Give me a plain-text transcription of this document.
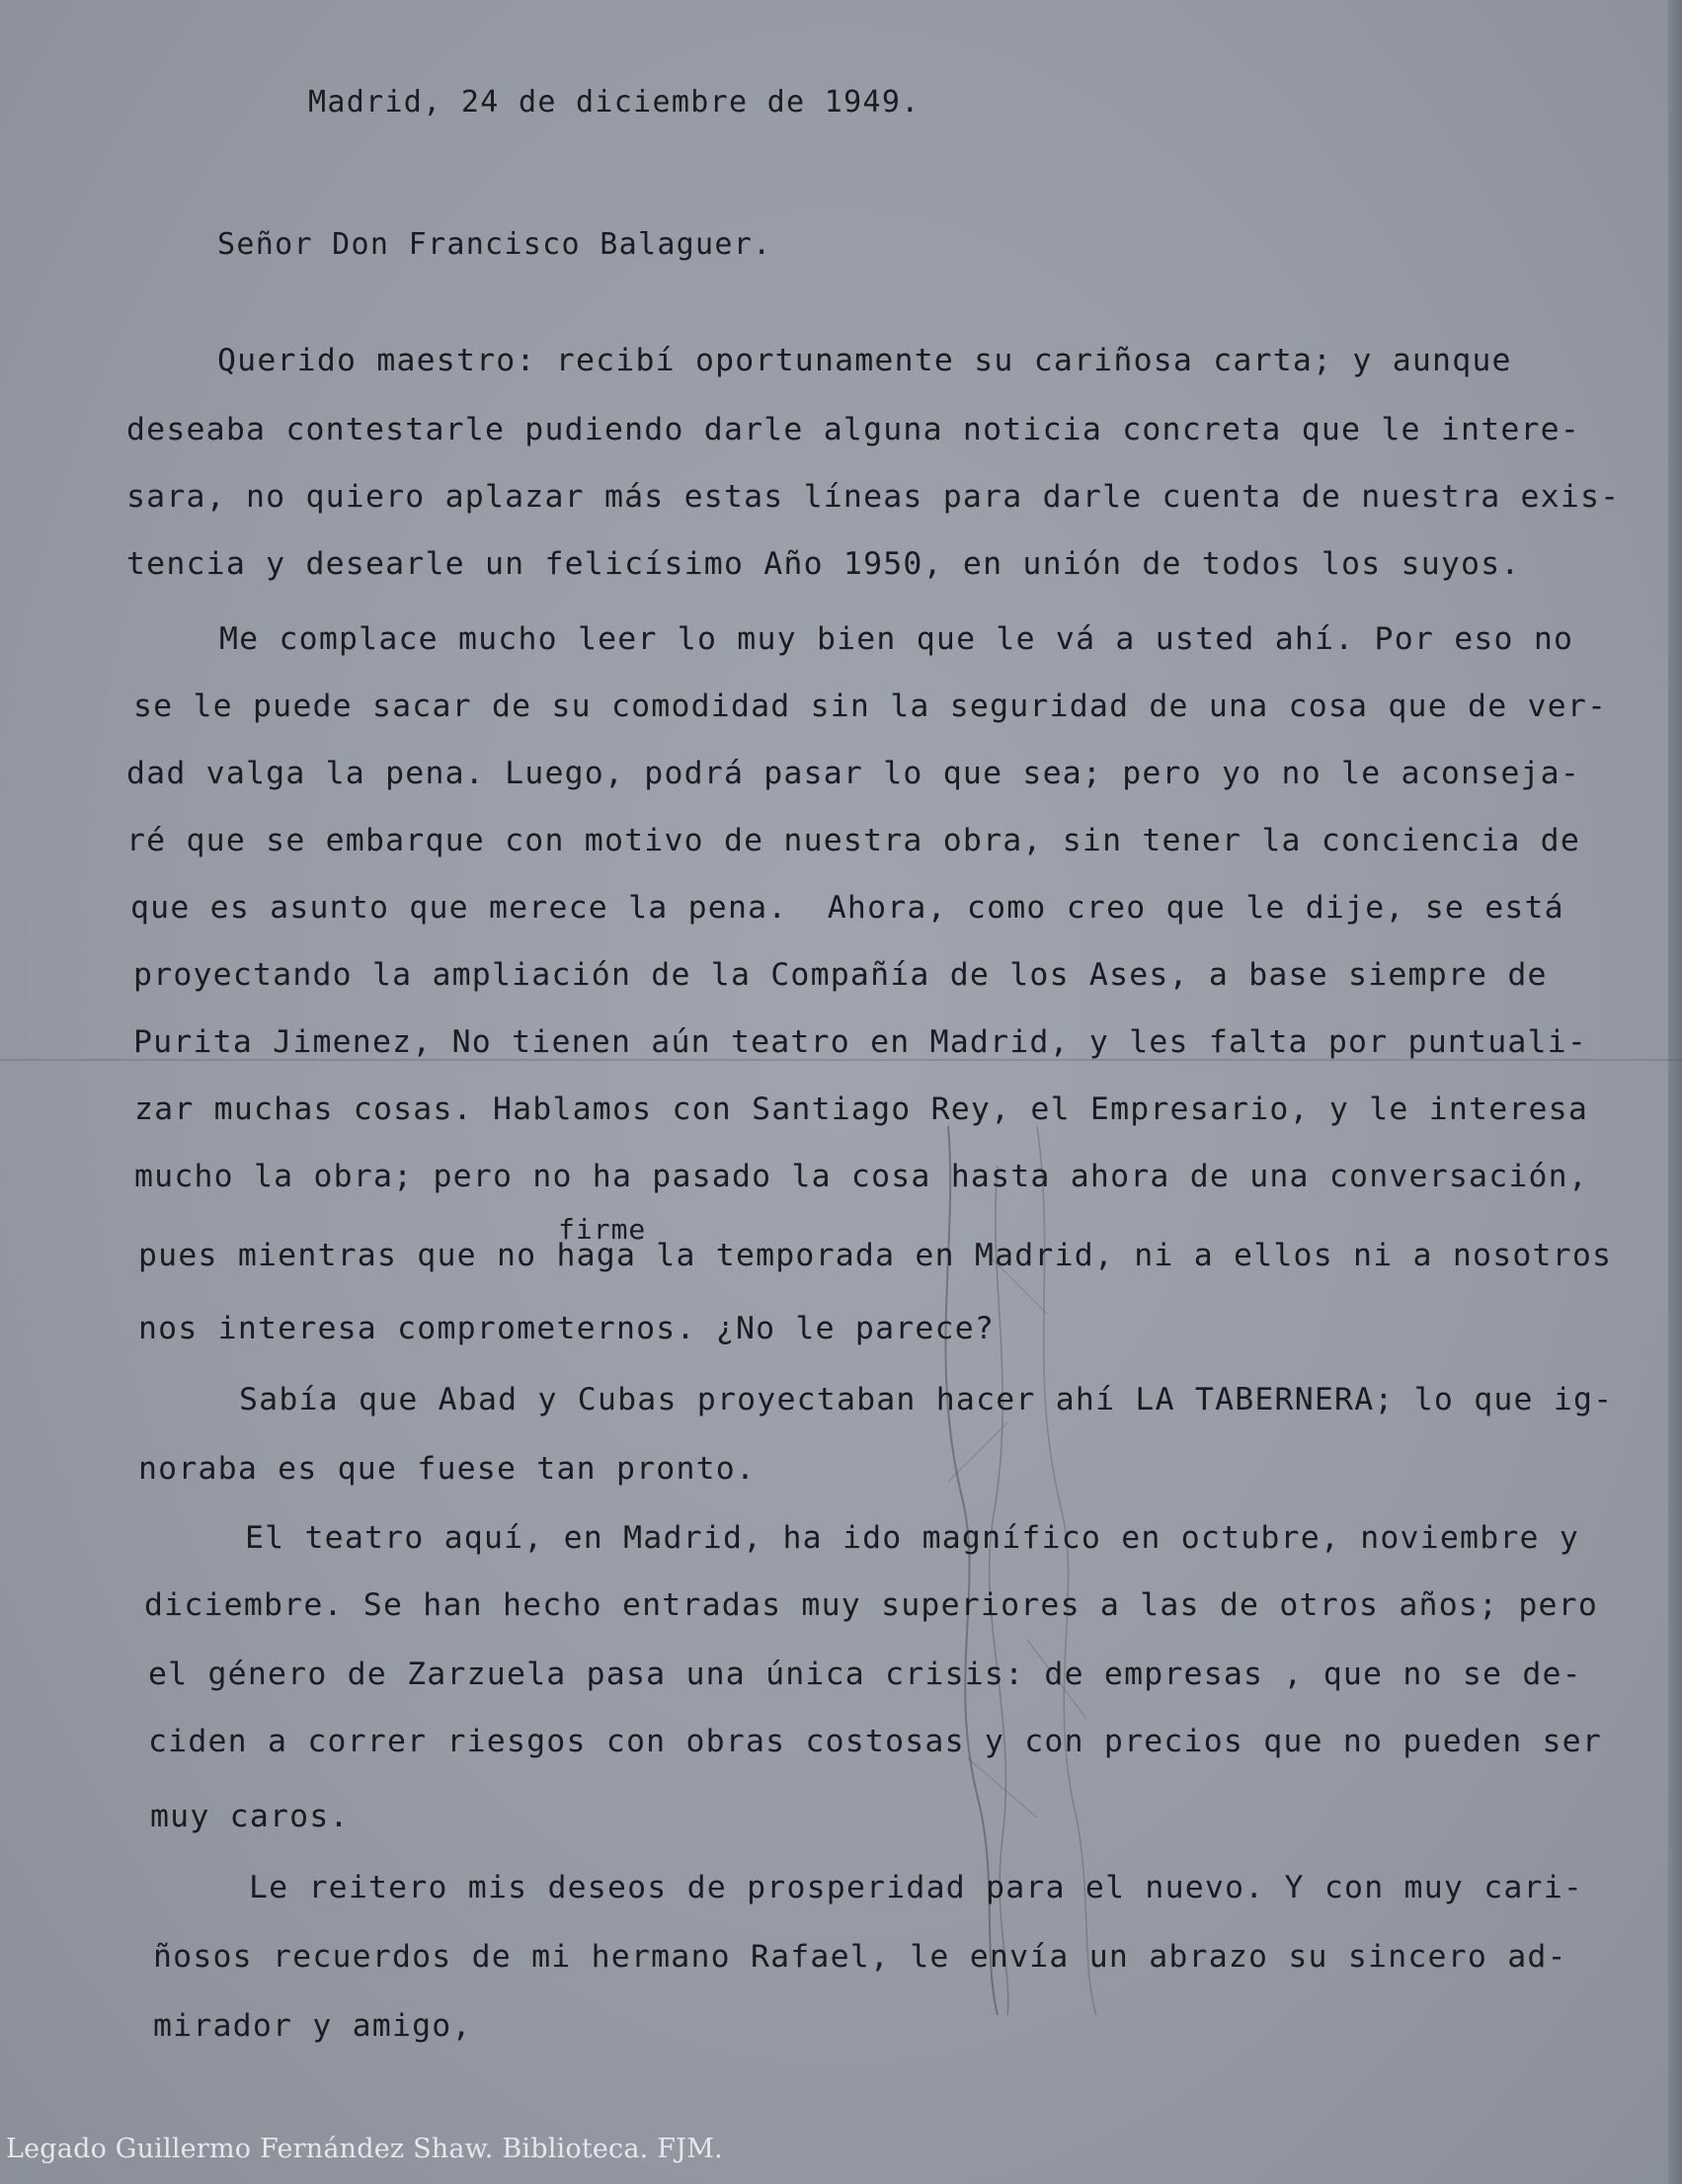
Madrid, 24 de diciembre de 1949.
Señor Don Francisco Balaguer.
Querido maestro: recibí oportunamente su cariñosa carta; y aunque
deseaba contestarle pudiendo darle alguna noticia concreta que le intere-
sara, no quiero aplazar más estas líneas para darle cuenta de nuestra exis-
tencia y desearle un felicísimo Año 1950, en unión de todos los suyos.
Me complace mucho leer lo muy bien que le vá a usted ahí. Por eso no
se le puede sacar de su comodidad sin la seguridad de una cosa que de ver-
dad valga la pena. Luego, podrá pasar lo que sea; pero yo no le aconseja-
ré que se embarque con motivo de nuestra obra, sin tener la conciencia de
que es asunto que merece la pena.  Ahora, como creo que le dije, se está
proyectando la ampliación de la Compañía de los Ases, a base siempre de
Purita Jimenez, No tienen aún teatro en Madrid, y les falta por puntuali-
zar muchas cosas. Hablamos con Santiago Rey, el Empresario, y le interesa
mucho la obra; pero no ha pasado la cosa hasta ahora de una conversación,
firme
pues mientras que no haga la temporada en Madrid, ni a ellos ni a nosotros
nos interesa comprometernos. ¿No le parece?
Sabía que Abad y Cubas proyectaban hacer ahí LA TABERNERA; lo que ig-
noraba es que fuese tan pronto.
El teatro aquí, en Madrid, ha ido magnífico en octubre, noviembre y
diciembre. Se han hecho entradas muy superiores a las de otros años; pero
el género de Zarzuela pasa una única crisis: de empresas , que no se de-
ciden a correr riesgos con obras costosas y con precios que no pueden ser
muy caros.
Le reitero mis deseos de prosperidad para el nuevo. Y con muy cari-
ñosos recuerdos de mi hermano Rafael, le envía un abrazo su sincero ad-
mirador y amigo,
Legado Guillermo Fernández Shaw. Biblioteca. FJM.
